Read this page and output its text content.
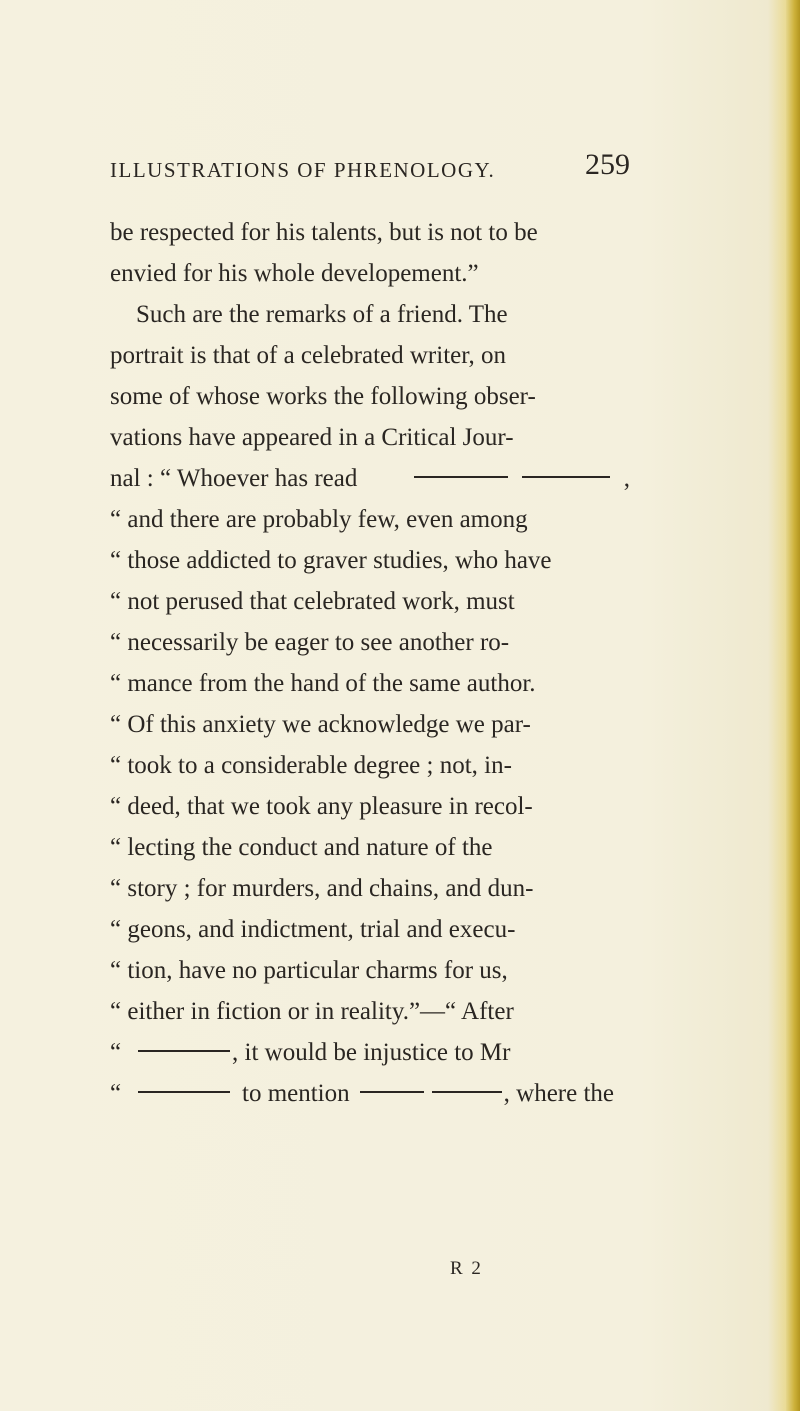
ILLUSTRATIONS OF PHRENOLOGY.	259
be respected for his talents, but is not to be
envied for his whole developement.”
Such are the remarks of a friend. The
portrait is that of a celebrated writer, on
some of whose works the following obser-
vations have appeared in a Critical Jour-
nal : “ Whoever has read	,
“ and there are probably few, even among
“ those addicted to graver studies, who have
“ not perused that celebrated work, must
“ necessarily be eager to see another ro-
“ mance from the hand of the same author.
“ Of this anxiety we acknowledge we par-
“ took to a considerable degree ; not, in-
“ deed, that we took any pleasure in recol-
“ lecting the conduct and nature of the
“ story ; for murders, and chains, and dun-
“ geons, and indictment, trial and execu-
“ tion, have no particular charms for us,
“ either in fiction or in reality.”—“ After
“	, it would be injustice to Mr
“	to mention	, where the
R 2
